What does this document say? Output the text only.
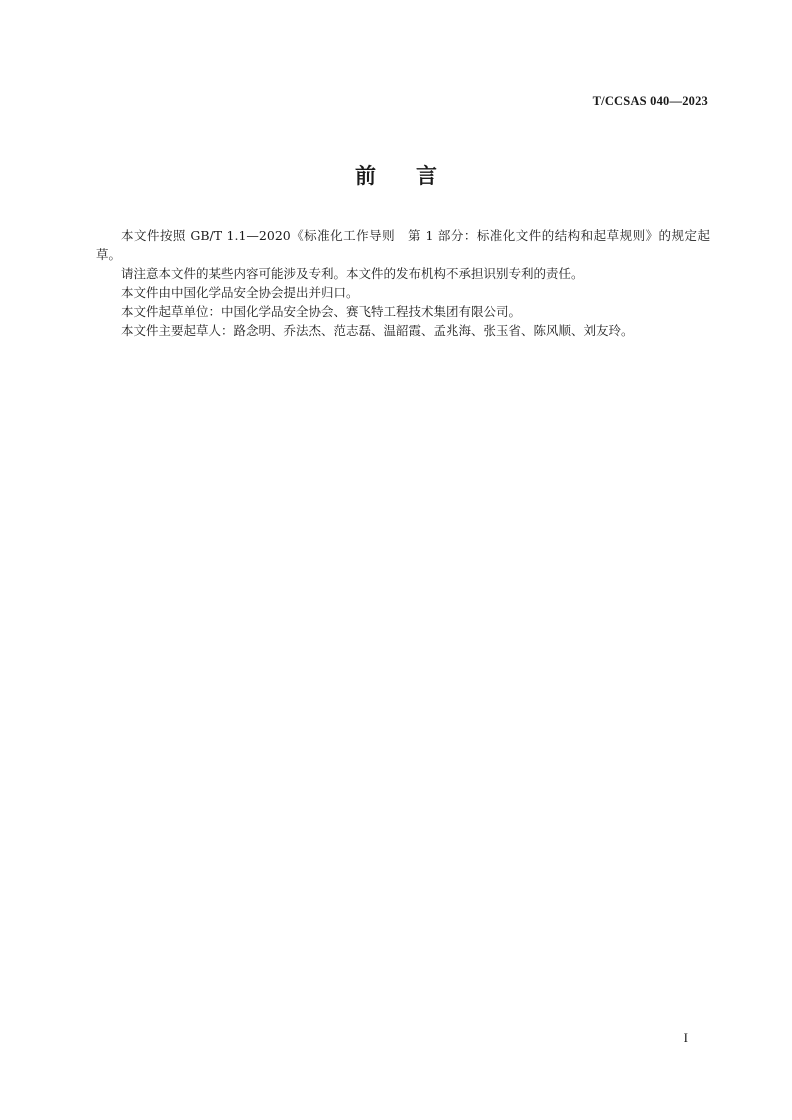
T/CCSAS 040—2023
前言

本文件按照 GB/T 1.1—2020《标准化工作导则　第 1 部分：标准化文件的结构和起草规则》的规定起草。

请注意本文件的某些内容可能涉及专利。本文件的发布机构不承担识别专利的责任。

本文件由中国化学品安全协会提出并归口。

本文件起草单位：中国化学品安全协会、赛飞特工程技术集团有限公司。

本文件主要起草人：路念明、乔法杰、范志磊、温韶霞、孟兆海、张玉省、陈风顺、刘友玲。

I
